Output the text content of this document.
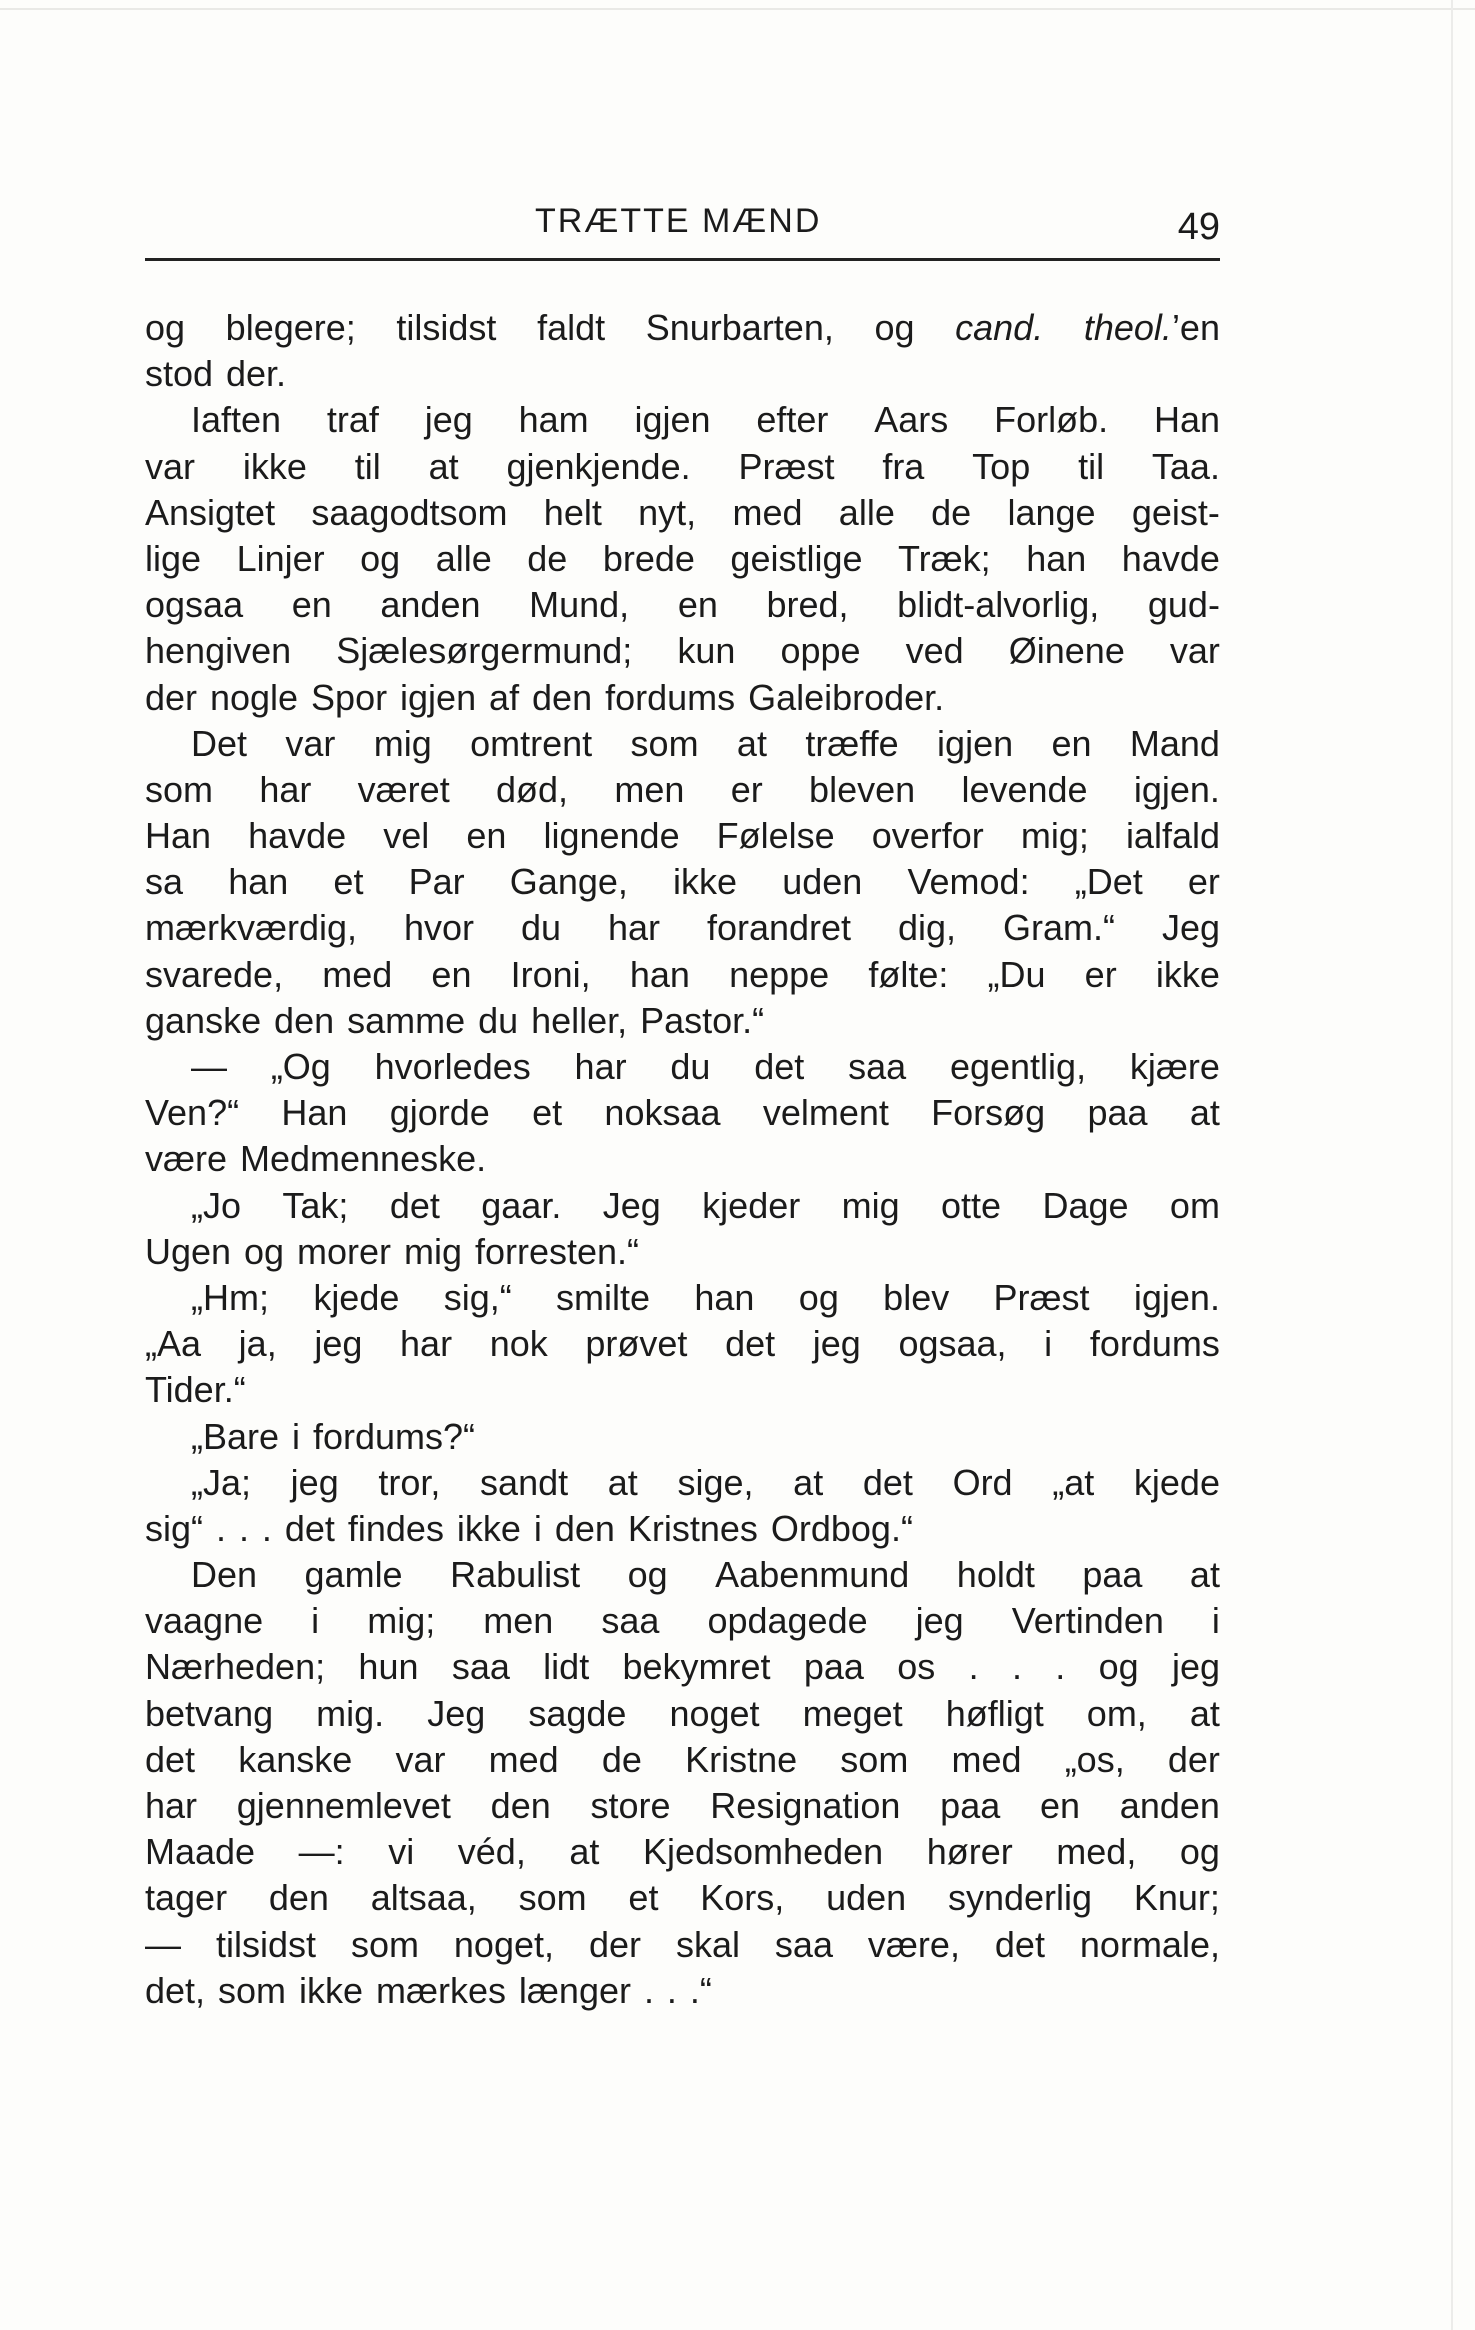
TRÆTTE MÆND	49
og blegere; tilsidst faldt Snurbarten, og cand. theol.’en
stod der.
Iaften traf jeg ham igjen efter Aars Forløb. Han
var ikke til at gjenkjende. Præst fra Top til Taa.
Ansigtet saagodtsom helt nyt, med alle de lange geist-
lige Linjer og alle de brede geistlige Træk; han havde
ogsaa en anden Mund, en bred, blidt-alvorlig, gud-
hengiven Sjælesørgermund; kun oppe ved Øinene var
der nogle Spor igjen af den fordums Galeibroder.
Det var mig omtrent som at træffe igjen en Mand
som har været død, men er bleven levende igjen.
Han havde vel en lignende Følelse overfor mig; ialfald
sa han et Par Gange, ikke uden Vemod: „Det er
mærkværdig, hvor du har forandret dig, Gram.“ Jeg
svarede, med en Ironi, han neppe følte: „Du er ikke
ganske den samme du heller, Pastor.“
— „Og hvorledes har du det saa egentlig, kjære
Ven?“ Han gjorde et noksaa velment Forsøg paa at
være Medmenneske.
„Jo Tak; det gaar. Jeg kjeder mig otte Dage om
Ugen og morer mig forresten.“
„Hm; kjede sig,“ smilte han og blev Præst igjen.
„Aa ja, jeg har nok prøvet det jeg ogsaa, i fordums
Tider.“
„Bare i fordums?“
„Ja; jeg tror, sandt at sige, at det Ord „at kjede
sig“ . . . det findes ikke i den Kristnes Ordbog.“
Den gamle Rabulist og Aabenmund holdt paa at
vaagne i mig; men saa opdagede jeg Vertinden i
Nærheden; hun saa lidt bekymret paa os . . . og jeg
betvang mig. Jeg sagde noget meget høfligt om, at
det kanske var med de Kristne som med „os, der
har gjennemlevet den store Resignation paa en anden
Maade —: vi véd, at Kjedsomheden hører med, og
tager den altsaa, som et Kors, uden synderlig Knur;
— tilsidst som noget, der skal saa være, det normale,
det, som ikke mærkes længer . . .“
